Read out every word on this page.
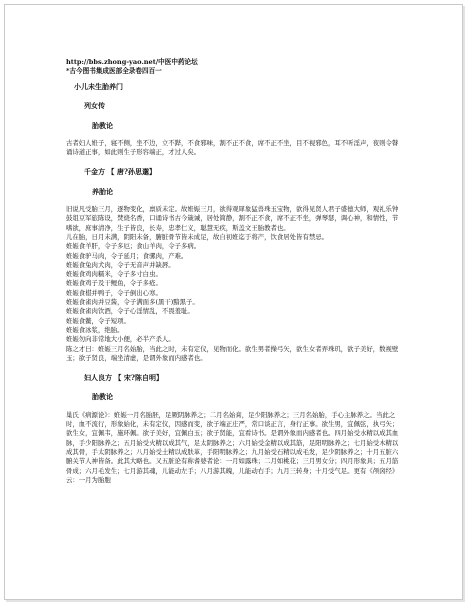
http://bbs.zhong-yao.net/中医中药论坛
*古今图书集成医部全录卷四百一
小儿未生胎养门
列女传
胎教论
古者妇人姙子，寝不侧，坐不边，立不跸，不食邪味，割不正不食，席不正不坐，目不视邪色，耳不听淫声，夜则令瞽诵诗道正事，如此则生子形容端正，才过人矣。
千金方 【 唐?孙思邈】
养胎论
旧说凡受胎三月，逐物变化，禀质未定。故姙娠三月，欲得观犀象猛兽珠玉宝物，欲得见贤人君子盛德大师，观礼乐钟鼓俎豆军旅陈设，焚烧名香，口诵诗书古今箴诫，居处简静，割不正不食，席不正不坐，弹琴瑟，调心神，和情性，节嗜欲，庶事清净，生子皆良，长寿，忠孝仁义，聪慧无疾，斯盖文王胎教者也。
儿在胎，日月未满，阴阳未备，腑脏骨节皆未成足，故自初姙迄于将产，饮食居处皆有禁忌。
姙娠食羊肝，令子多厄；食山羊肉，令子多病。
姙娠食驴马肉，令子延月；食骡肉，产难。
姙娠食兔肉犬肉，令子无音声并缺唇。
姙娠食鸡肉糯米，令子多寸白虫。
姙娠食鸡子及干鲤鱼，令子多疮。
姙娠食椹并鸭子，令子倒出心寒。
姙娠食雀肉并豆酱，令子满面多(黑干)黯黑子。
姙娠食雀肉饮酒，令子心淫情乱，不畏羞耻。
姙娠食鳖，令子短项。
姙娠食冰浆，绝胎。
姙娠勿向非常地大小便，必半产杀人。
陈之才曰：姙娠三月名始胎，当此之时，未有定仪，见物而化。欲生男者操弓矢，欲生女者弄珠玑，欲子美好，数视壁玉；欲子贤良，端坐清虚，是谓外象而内感者也。
妇人良方 【 宋?陈自明】
胎教论
巢氏《病源论》：姙娠一月名胎胚，足厥阴脉养之；二月名始膏，足少阳脉养之；三月名始胎，手心主脉养之。当此之时，血不流行，形象始化，未有定仪，因感而变，欲子端正庄严，常口谈正言，身行正事。欲生男，宜佩弦，执弓矢；欲生女，宜佩韦，施环佩。欲子美好，宜佩白玉；欲子贤能，宜看诗书。是谓外象而内感者也。四月始受水精以成其血脉，手少阳脉养之；五月始受火精以成其气，足太阴脉养之；六月始受金精以成其筋，足阳明脉养之；七月始受木精以成其骨，手太阴脉养之；八月始受土精以成肤革，手阳明脉养之；九月始受石精以成毛发，足少阴脉养之；十月五脏六腑关节人神皆备。此其大略也。又五脏论有称耆婆者论：一月如露珠；二月如桃花；三月男女分；四月形象具；五月筋骨成；六月毛发生；七月游其魂，儿能动左手；八月游其魄，儿能动右手；九月三转身；十月受气足。更有《颅囟经》云：一月为胎胞
